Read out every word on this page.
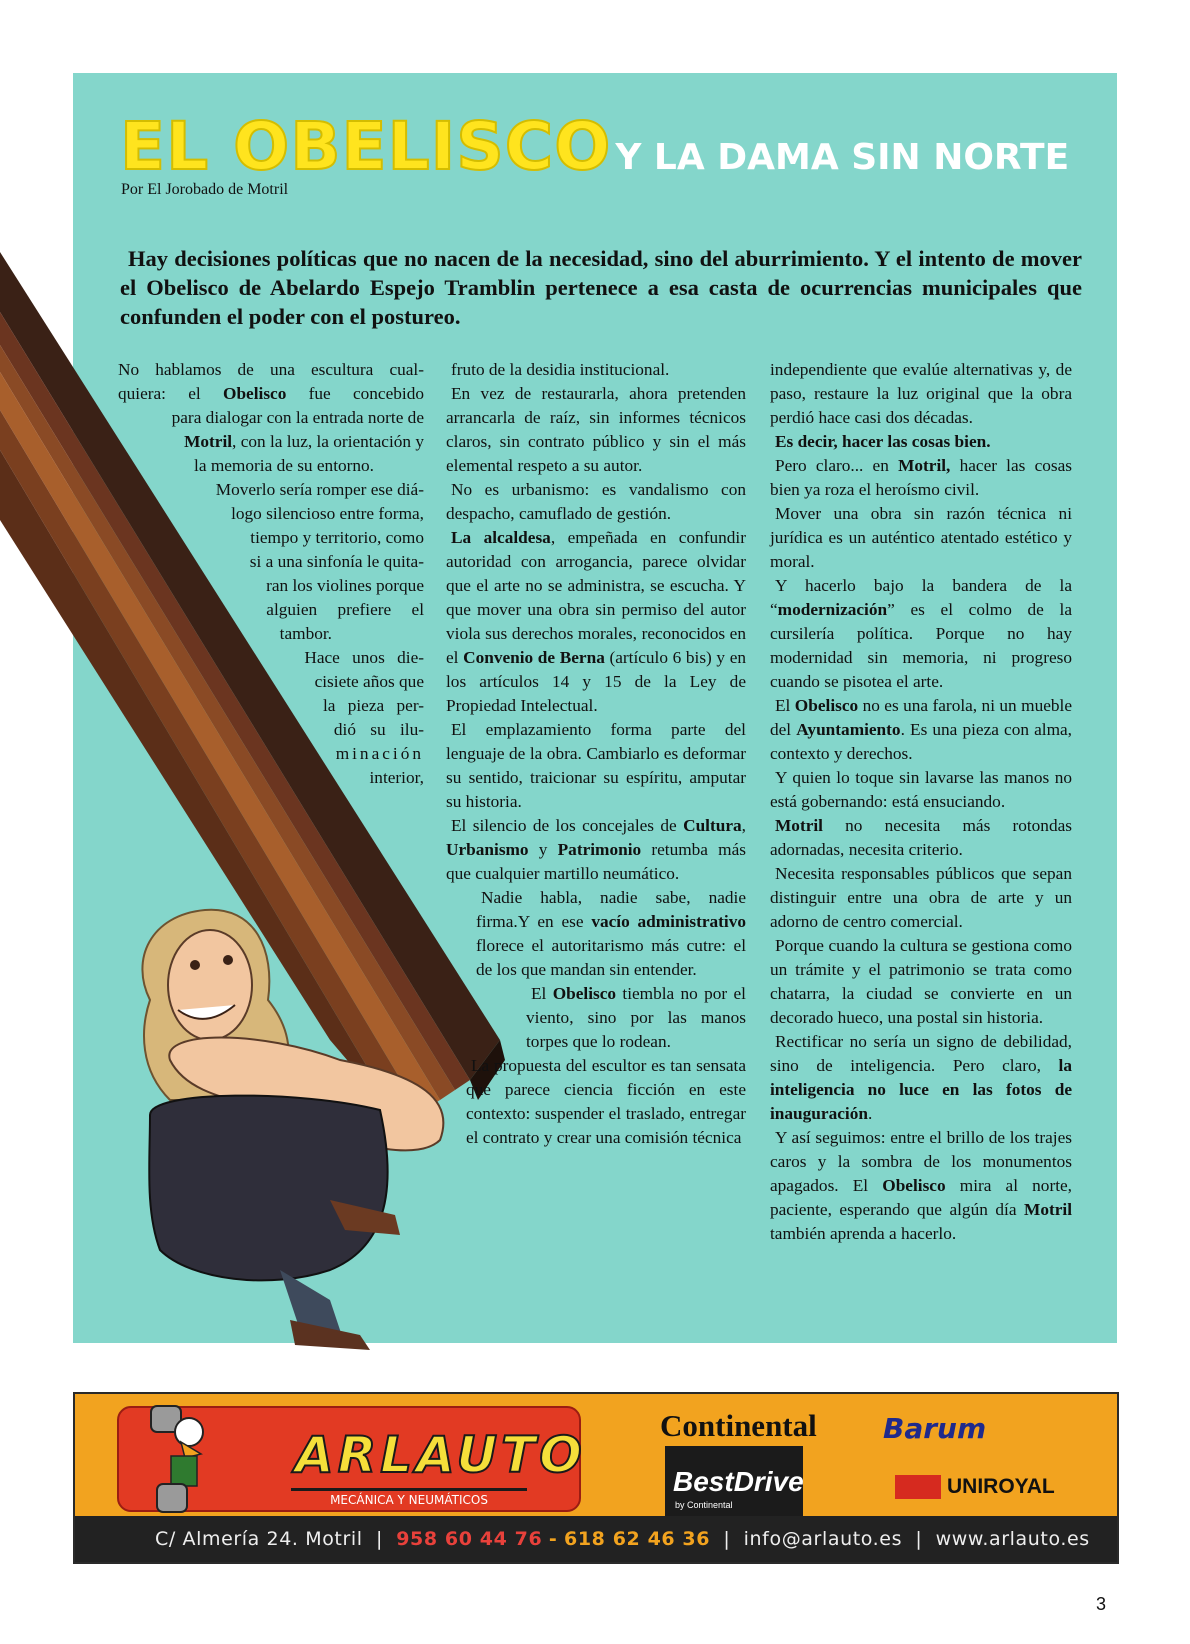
EL OBELISCO Y LA DAMA SIN NORTE
Por El Jorobado de Motril

Hay decisiones políticas que no nacen de la necesidad, sino del aburrimiento. Y el intento de mover el Obelisco de Abelardo Espejo Tramblin pertenece a esa casta de ocurrencias municipales que confunden el poder con el postureo.

No hablamos de una escultura cual-
quiera: el Obelisco fue concebido
para dialogar con la entrada norte de
Motril, con la luz, la orientación y
la memoria de su entorno.
Moverlo sería romper ese diá-
logo silencioso entre forma,
tiempo y territorio, como
si a una sinfonía le quita-
ran los violines porque
alguien prefiere el
tambor.
Hace unos die-
cisiete años que
la pieza per-
dió su ilu-
minación
interior,

fruto de la desidia institucional.

En vez de restaurarla, ahora pretenden arrancarla de raíz, sin informes técnicos claros, sin contrato público y sin el más elemental respeto a su autor.

No es urbanismo: es vandalismo con despacho, camuflado de gestión.

La alcaldesa, empeñada en confundir autoridad con arrogancia, parece olvidar que el arte no se administra, se escucha. Y que mover una obra sin permiso del autor viola sus derechos morales, reconocidos en el Convenio de Berna (artículo 6 bis) y en los artículos 14 y 15 de la Ley de Propiedad Intelectual.

El emplazamiento forma parte del lenguaje de la obra. Cambiarlo es deformar su sentido, traicionar su espíritu, amputar su historia.

El silencio de los concejales de Cultura, Urbanismo y Patrimonio retumba más que cualquier martillo neumático.

Nadie habla, nadie sabe, nadie firma.Y en ese vacío administrativo florece el autoritarismo más cutre: el de los que mandan sin entender.

El Obelisco tiembla no por el viento, sino por las manos torpes que lo rodean.

La propuesta del escultor es tan sensata que parece ciencia ficción en este contexto: suspender el traslado, entregar el contrato y crear una comisión técnica

independiente que evalúe alternativas y, de paso, restaure la luz original que la obra perdió hace casi dos décadas.

Es decir, hacer las cosas bien.

Pero claro... en Motril, hacer las cosas bien ya roza el heroísmo civil.

Mover una obra sin razón técnica ni jurídica es un auténtico atentado estético y moral.

Y hacerlo bajo la bandera de la “modernización” es el colmo de la cursilería política. Porque no hay modernidad sin memoria, ni progreso cuando se pisotea el arte.

El Obelisco no es una farola, ni un mueble del Ayuntamiento. Es una pieza con alma, contexto y derechos.

Y quien lo toque sin lavarse las manos no está gobernando: está ensuciando.

Motril no necesita más rotondas adornadas, necesita criterio.

Necesita responsables públicos que sepan distinguir entre una obra de arte y un adorno de centro comercial.

Porque cuando la cultura se gestiona como un trámite y el patrimonio se trata como chatarra, la ciudad se convierte en un decorado hueco, una postal sin historia.

Rectificar no sería un signo de debilidad, sino de inteligencia. Pero claro, la inteligencia no luce en las fotos de inauguración.

Y así seguimos: entre el brillo de los trajes caros y la sombra de los monumentos apagados. El Obelisco mira al norte, paciente, esperando que algún día Motril también aprenda a hacerlo.

ARLAUTO
MECÁNICA Y NEUMÁTICOS
Continental
BestDrive
by Continental
Barum
UNIROYAL
C/ Almería 24. Motril | 958 60 44 76 - 618 62 46 36 | info@arlauto.es | www.arlauto.es
3
